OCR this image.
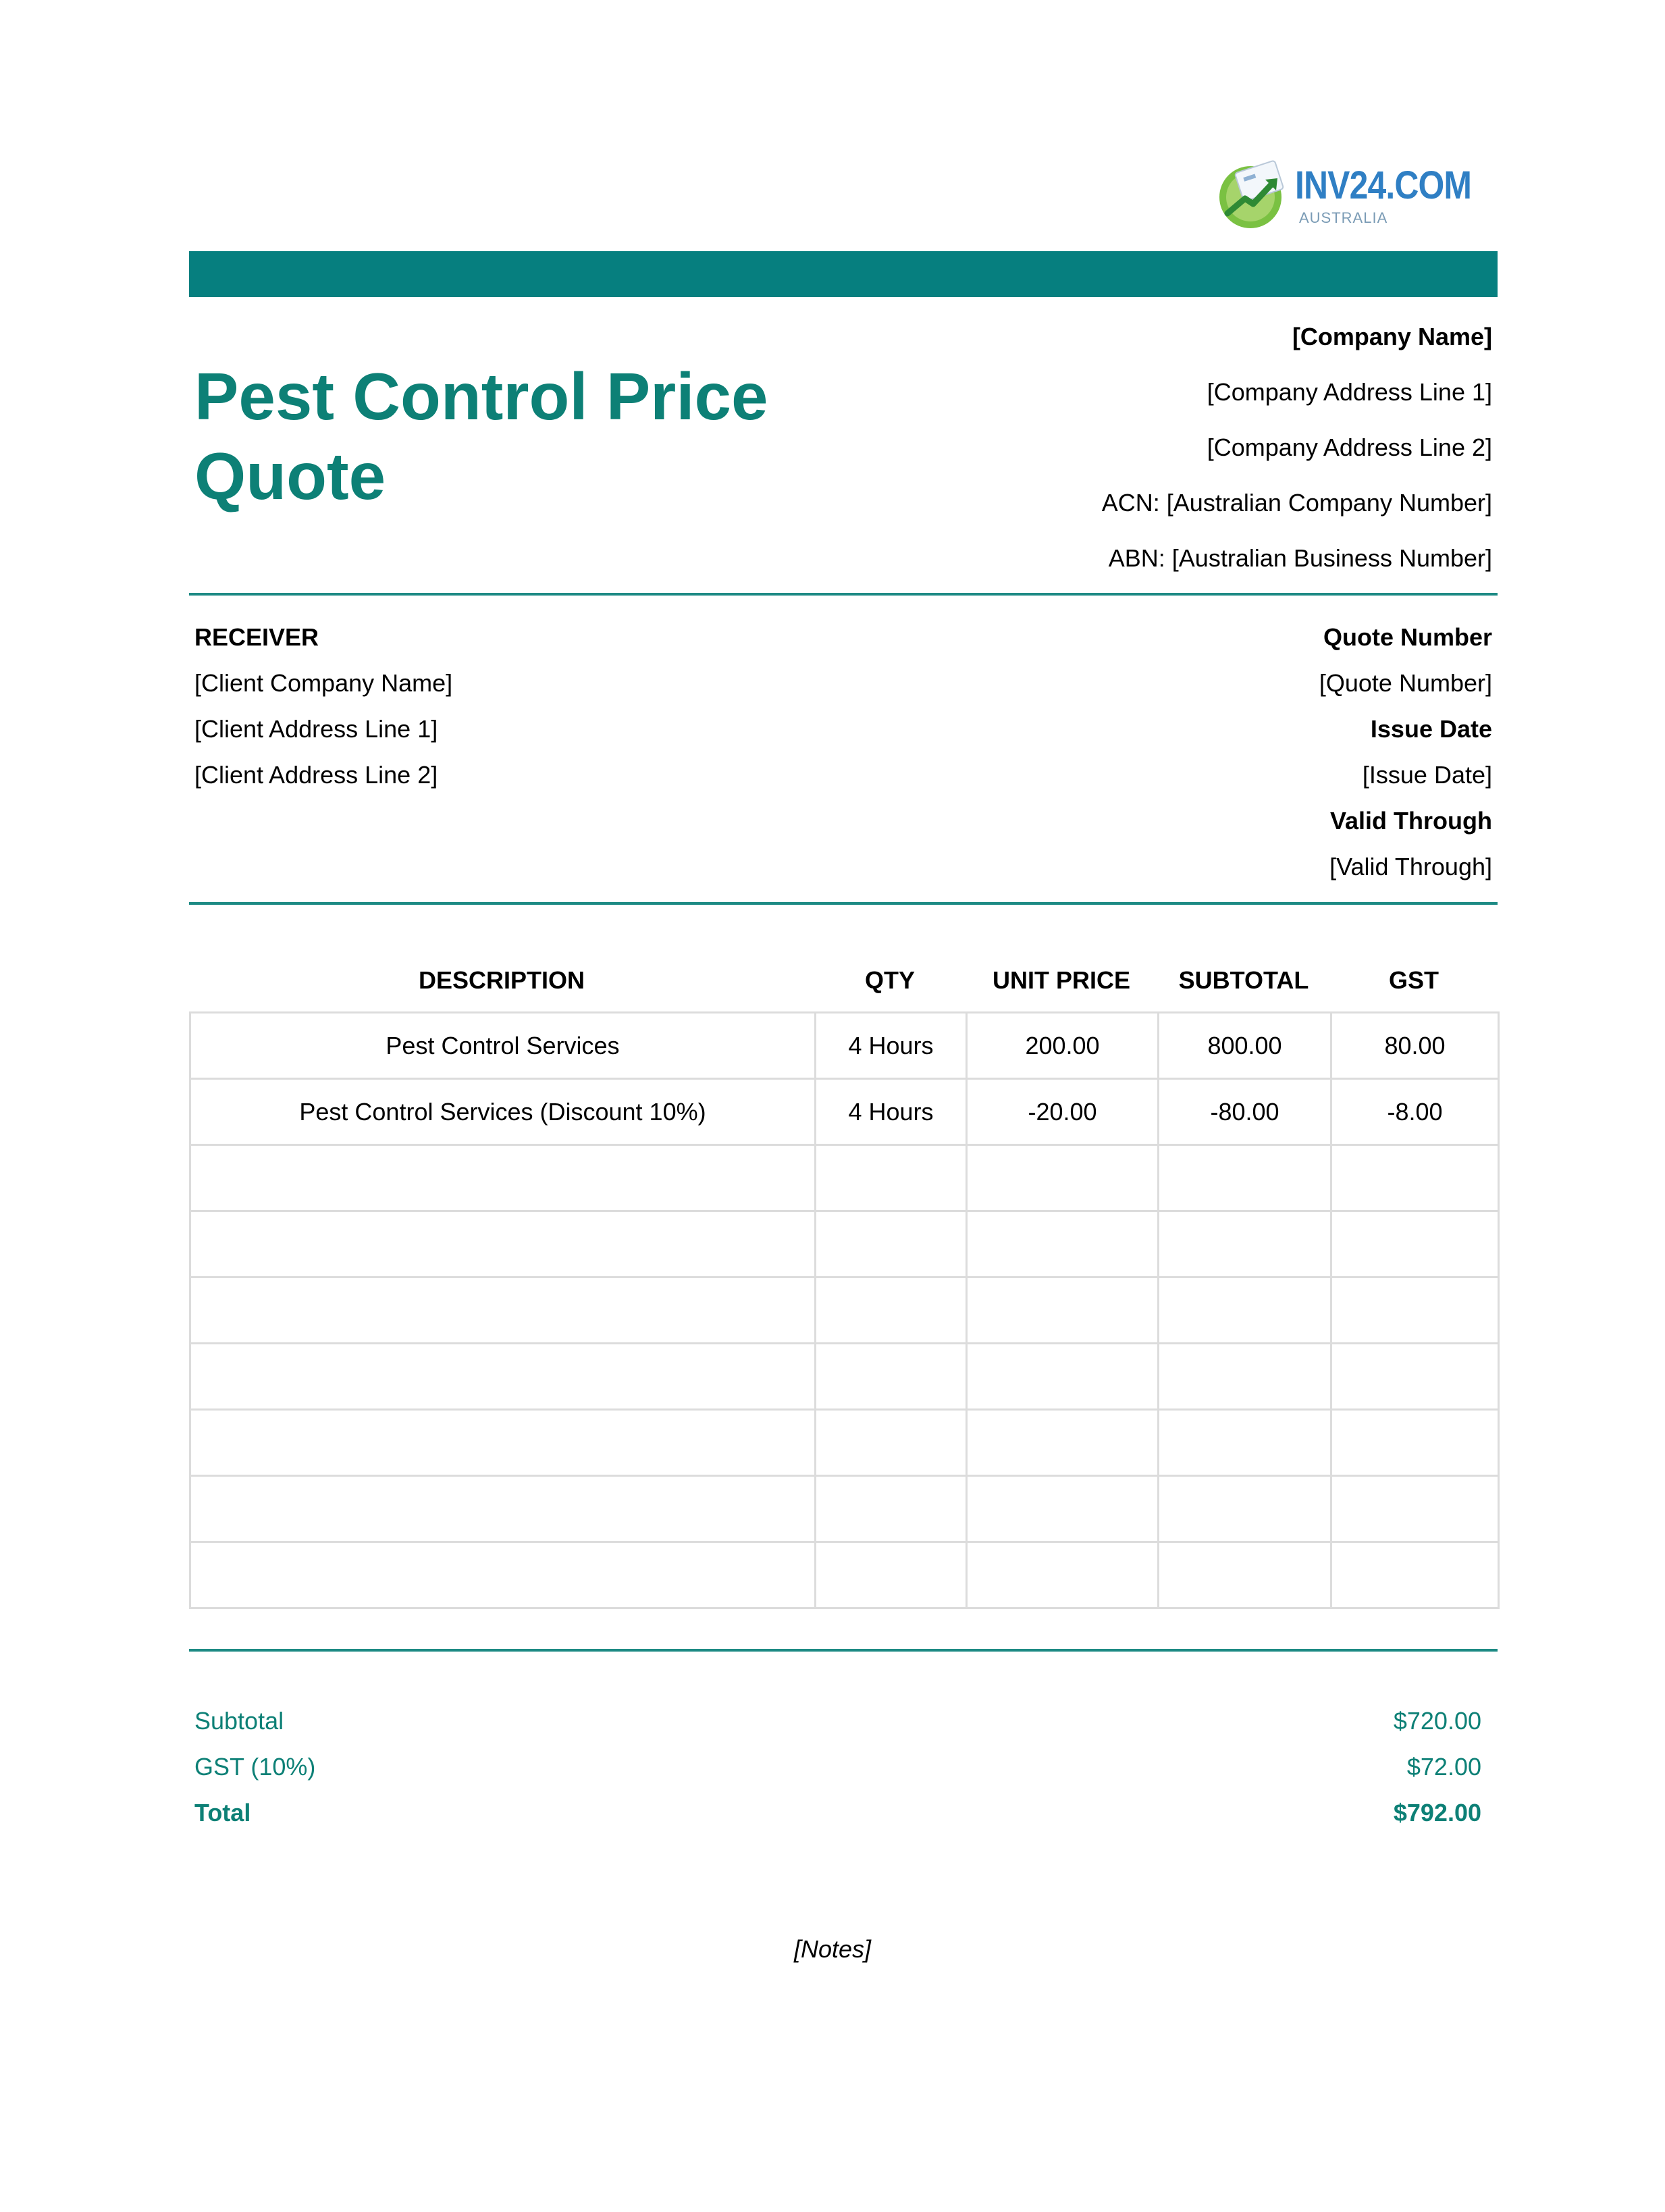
INV24.COM
AUSTRALIA
Pest Control Price Quote
[Company Name]
[Company Address Line 1]
[Company Address Line 2]
ACN: [Australian Company Number]
ABN: [Australian Business Number]
RECEIVER
[Client Company Name]
[Client Address Line 1]
[Client Address Line 2]
Quote Number
[Quote Number]
Issue Date
[Issue Date]
Valid Through
[Valid Through]
DESCRIPTION	QTY	UNIT PRICE	SUBTOTAL	GST
Pest Control Services	4 Hours	200.00	800.00	80.00
Pest Control Services (Discount 10%)	4 Hours	-20.00	-80.00	-8.00

Subtotal	$720.00
GST (10%)	$72.00
Total	$792.00
[Notes]
